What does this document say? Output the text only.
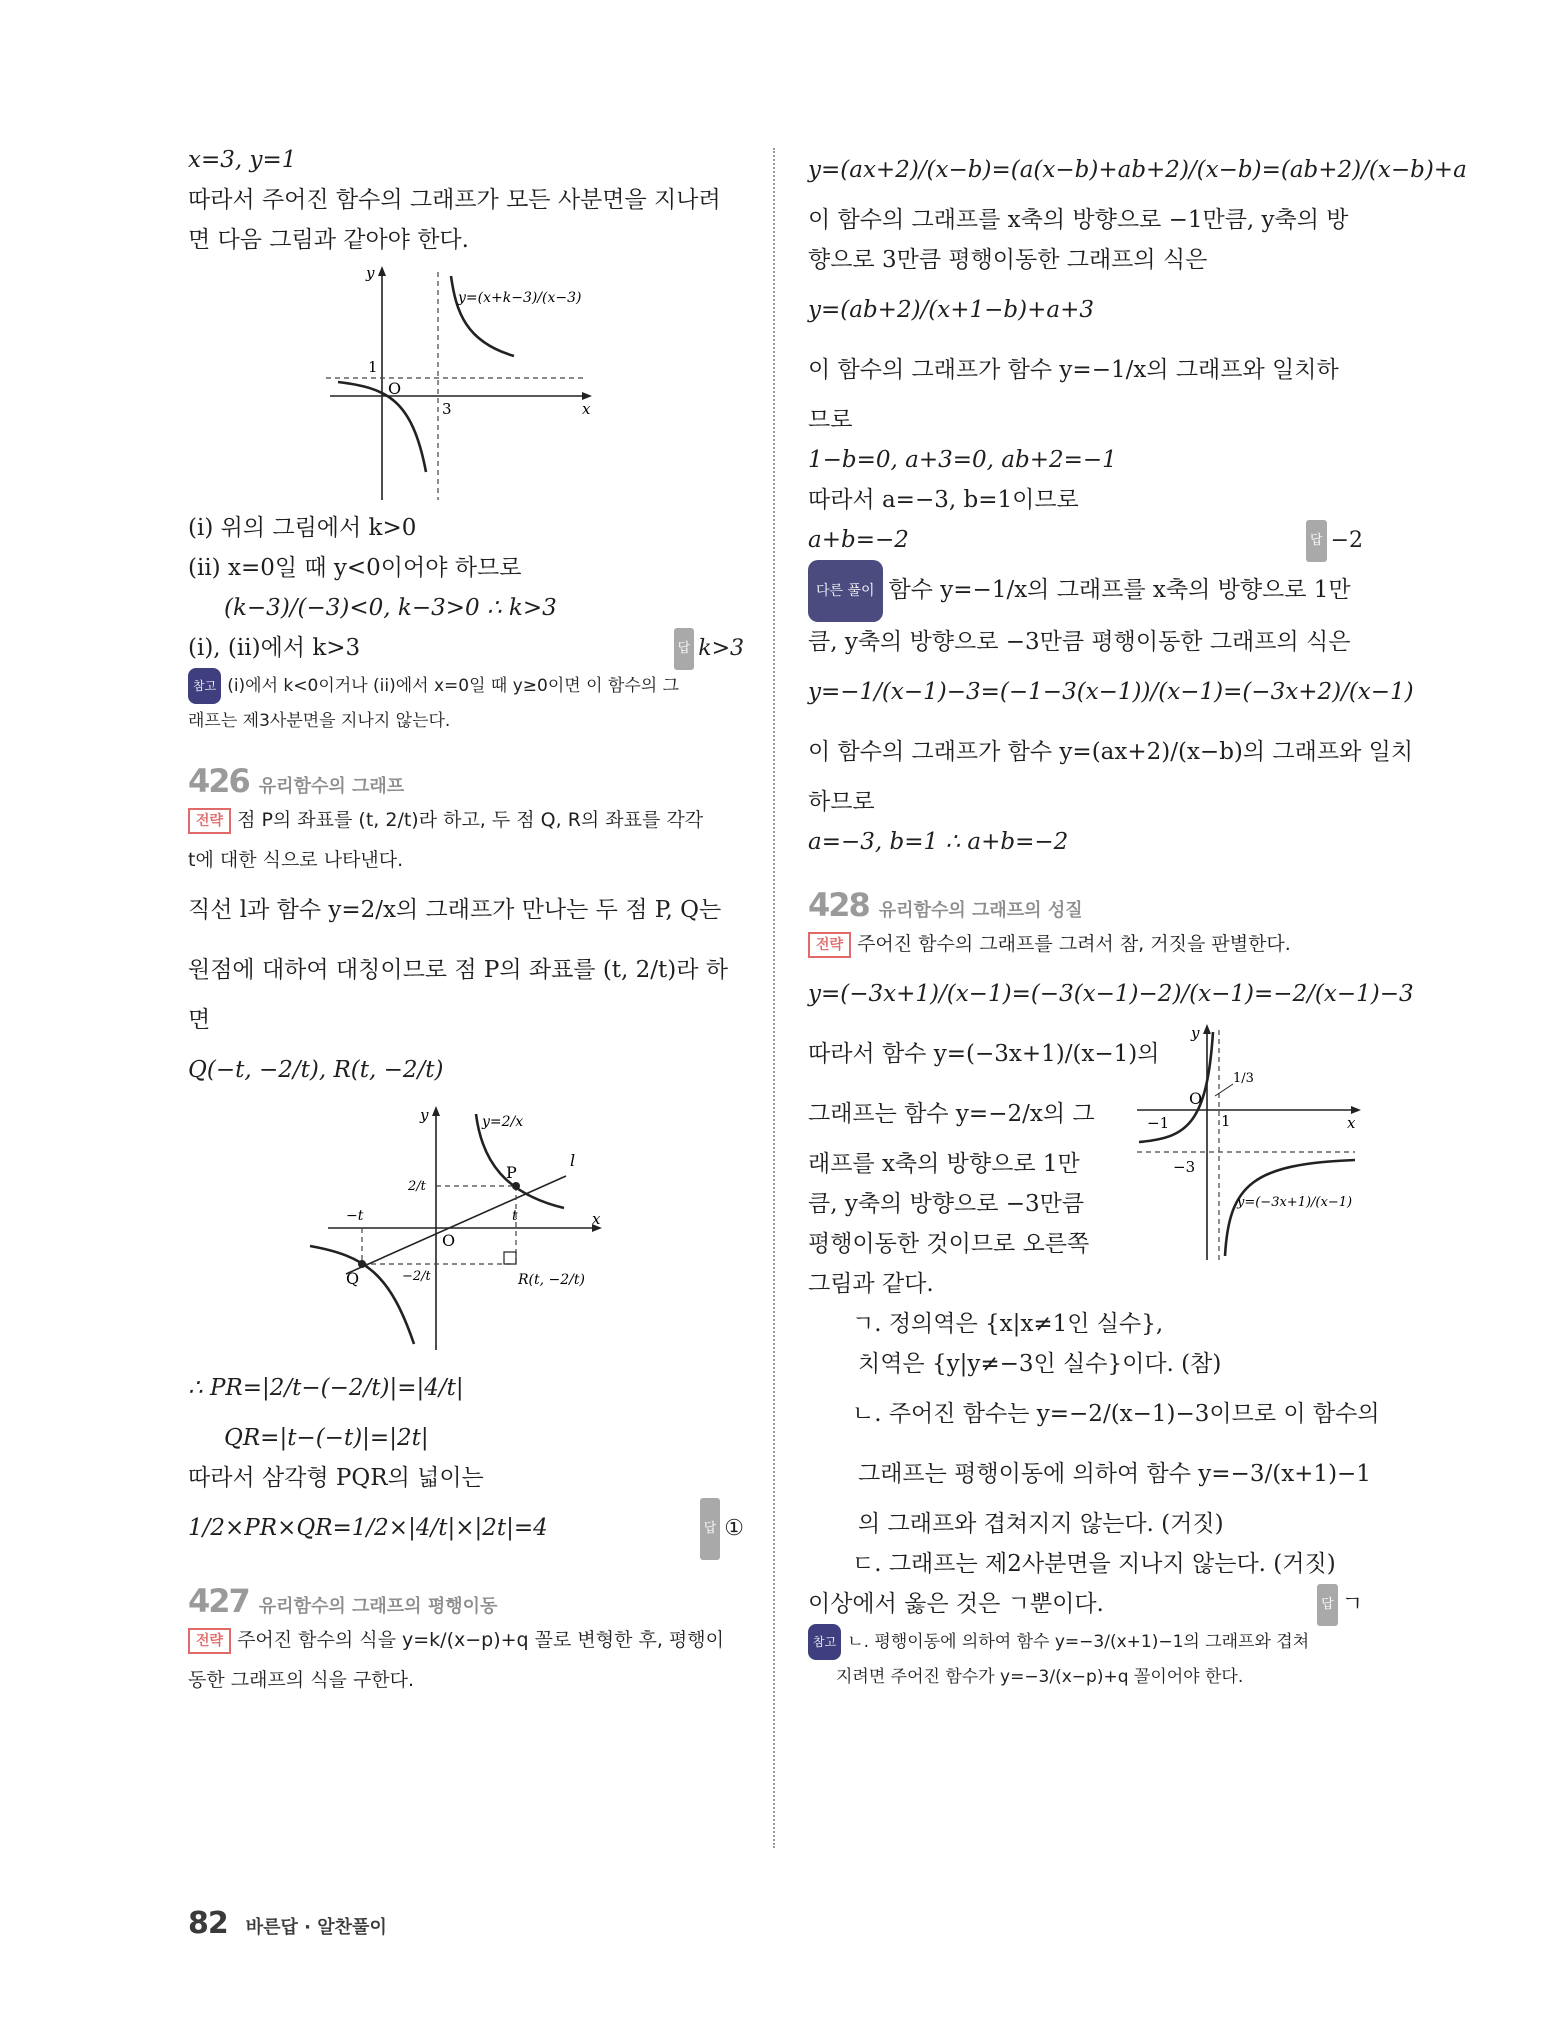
x=3, y=1
따라서 주어진 함수의 그래프가 모든 사분면을 지나려
면 다음 그림과 같아야 한다.
y
x
O
1
3
y=(x+k−3)/(x−3)
(i) 위의 그림에서 k>0
(ii) x=0일 때 y<0이어야 하므로
(k−3)/(−3)<0, k−3>0 ∴ k>3
(i), (ii)에서 k>3	답 k>3
참고 (i)에서 k<0이거나 (ii)에서 x=0일 때 y≥0이면 이 함수의 그
래프는 제3사분면을 지나지 않는다.
426 유리함수의 그래프
전략 점 P의 좌표를 (t, 2/t)라 하고, 두 점 Q, R의 좌표를 각각
t에 대한 식으로 나타낸다.
직선 l과 함수 y=2/x의 그래프가 만나는 두 점 P, Q는
원점에 대하여 대칭이므로 점 P의 좌표를 (t, 2/t)라 하
면
Q(−t, −2/t), R(t, −2/t)
y
x
O
y=2/x
l
P
Q	R(t, −2/t)
−t	t
2/t
−2/t
∴ PR=|2/t−(−2/t)|=|4/t|
QR=|t−(−t)|=|2t|
따라서 삼각형 PQR의 넓이는
1/2×PR×QR=1/2×|4/t|×|2t|=4	답 ①
427 유리함수의 그래프의 평행이동
전략 주어진 함수의 식을 y=k/(x−p)+q 꼴로 변형한 후, 평행이
동한 그래프의 식을 구한다.
y=(ax+2)/(x−b)=(a(x−b)+ab+2)/(x−b)=(ab+2)/(x−b)+a
이 함수의 그래프를 x축의 방향으로 −1만큼, y축의 방
향으로 3만큼 평행이동한 그래프의 식은
y=(ab+2)/(x+1−b)+a+3
이 함수의 그래프가 함수 y=−1/x의 그래프와 일치하
므로
1−b=0, a+3=0, ab+2=−1
따라서 a=−3, b=1이므로
a+b=−2	답 −2
다른 풀이 함수 y=−1/x의 그래프를 x축의 방향으로 1만
큼, y축의 방향으로 −3만큼 평행이동한 그래프의 식은
y=−1/(x−1)−3=(−1−3(x−1))/(x−1)=(−3x+2)/(x−1)
이 함수의 그래프가 함수 y=(ax+2)/(x−b)의 그래프와 일치
하므로
a=−3, b=1 ∴ a+b=−2
428 유리함수의 그래프의 성질
전략 주어진 함수의 그래프를 그려서 참, 거짓을 판별한다.
y=(−3x+1)/(x−1)=(−3(x−1)−2)/(x−1)=−2/(x−1)−3
따라서 함수 y=(−3x+1)/(x−1)의
그래프는 함수 y=−2/x의 그
래프를 x축의 방향으로 1만
큼, y축의 방향으로 −3만큼
평행이동한 것이므로 오른쪽
그림과 같다.
y
x
O
−1	1
1/3
−3
y=(−3x+1)/(x−1)
ㄱ. 정의역은 {x|x≠1인 실수},
치역은 {y|y≠−3인 실수}이다. (참)
ㄴ. 주어진 함수는 y=−2/(x−1)−3이므로 이 함수의
그래프는 평행이동에 의하여 함수 y=−3/(x+1)−1
의 그래프와 겹쳐지지 않는다. (거짓)
ㄷ. 그래프는 제2사분면을 지나지 않는다. (거짓)
이상에서 옳은 것은 ㄱ뿐이다.	답 ㄱ
참고 ㄴ. 평행이동에 의하여 함수 y=−3/(x+1)−1의 그래프와 겹쳐
지려면 주어진 함수가 y=−3/(x−p)+q 꼴이어야 한다.
82 바른답 · 알찬풀이
